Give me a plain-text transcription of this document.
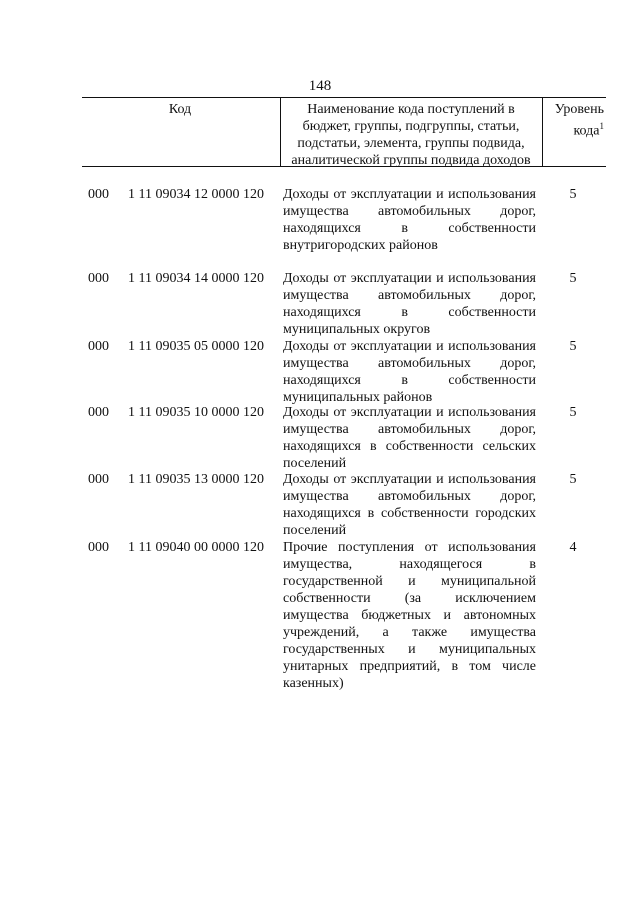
148
Код	Наименование кода поступлений в бюджет, группы, подгруппы, статьи, подстатьи, элемента, группы подвида, аналитической группы подвида доходов
Уровень кода$^1$
000 1 11 09034 12 0000 120 Доходы от эксплуатации и использования имущества автомобильных дорог, находящихся в собственности внутригородских районов
5
000 1 11 09034 14 0000 120 Доходы от эксплуатации и использования имущества автомобильных дорог, находящихся в собственности муниципальных округов
5
000 1 11 09035 05 0000 120 Доходы от эксплуатации и использования имущества автомобильных дорог, находящихся в собственности муниципальных районов
5
000 1 11 09035 10 0000 120 Доходы от эксплуатации и использования имущества автомобильных дорог, находящихся в собственности сельских поселений
5
000 1 11 09035 13 0000 120 Доходы от эксплуатации и использования имущества автомобильных дорог, находящихся в собственности городских поселений
5
000 1 11 09040 00 0000 120 Прочие поступления от использования имущества, находящегося в государственной и муниципальной собственности (за исключением имущества бюджетных и автономных учреждений, а также имущества государственных и муниципальных унитарных предприятий, в том числе казенных)
4
